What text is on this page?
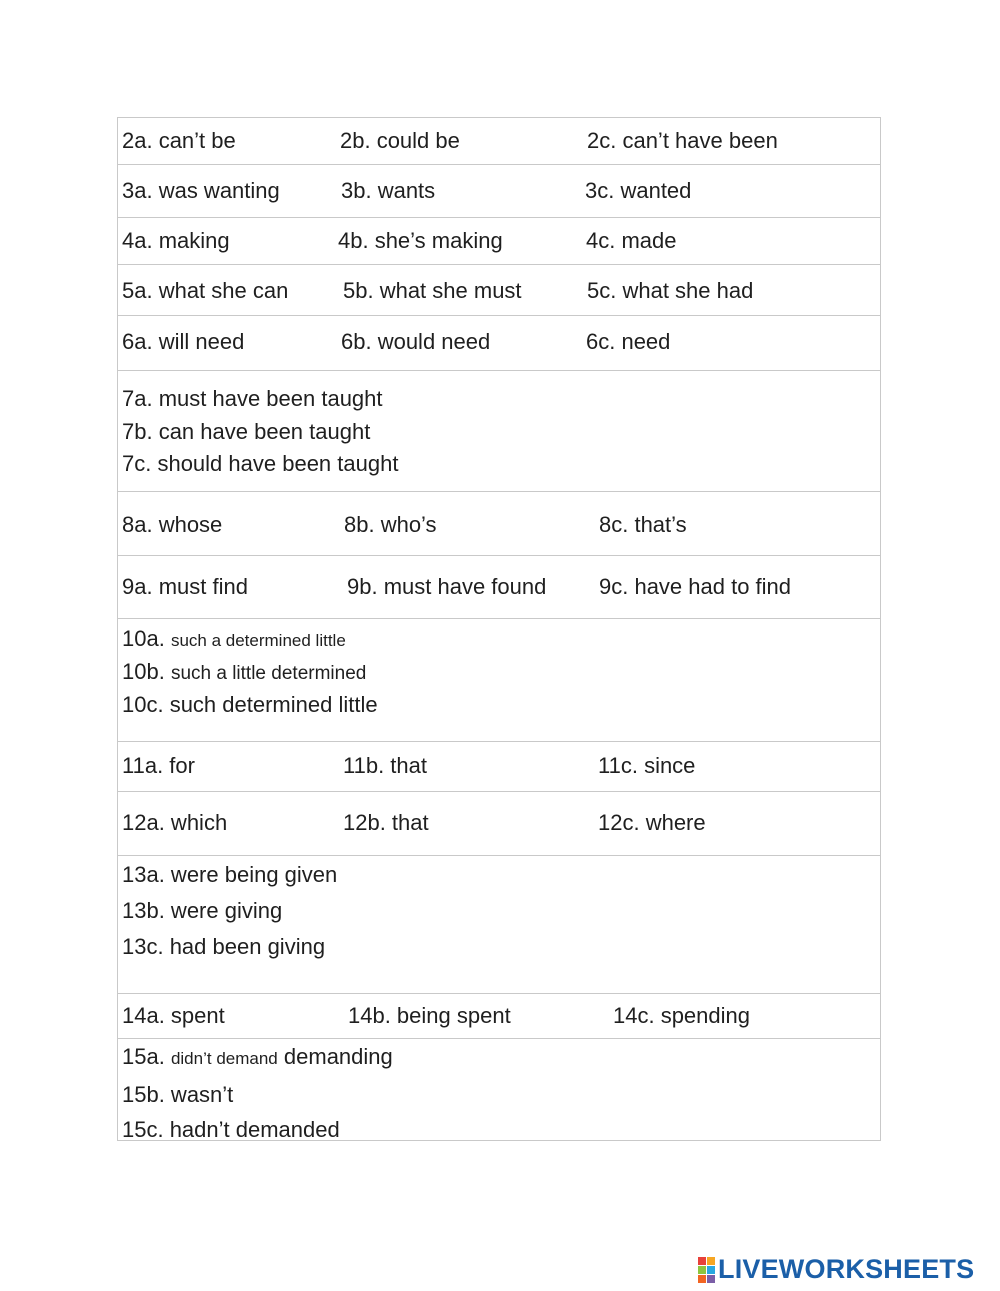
2a. can’t be	2b. could be	2c. can’t have been
3a. was wanting	3b. wants	3c. wanted
4a. making	4b. she’s making	4c. made
5a. what she can 5b. what she must	5c. what she had
6a. will need	6b. would need	6c. need
7a. must have been taught
7b. can have been taught
7c. should have been taught
8a. whose	8b. who’s	8c. that’s
9a. must find	9b. must have found 9c. have had to find
10a. such a determined little
10b. such a little determined
10c. such determined little
11a. for	11b. that	11c. since
12a. which	12b. that	12c. where
13a. were being given
13b. were giving
13c. had been giving
14a. spent	14b. being spent	14c. spending
15a. didn’t demand demanding
15b. wasn’t
15c. hadn’t demanded
LIVEWORKSHEETS
